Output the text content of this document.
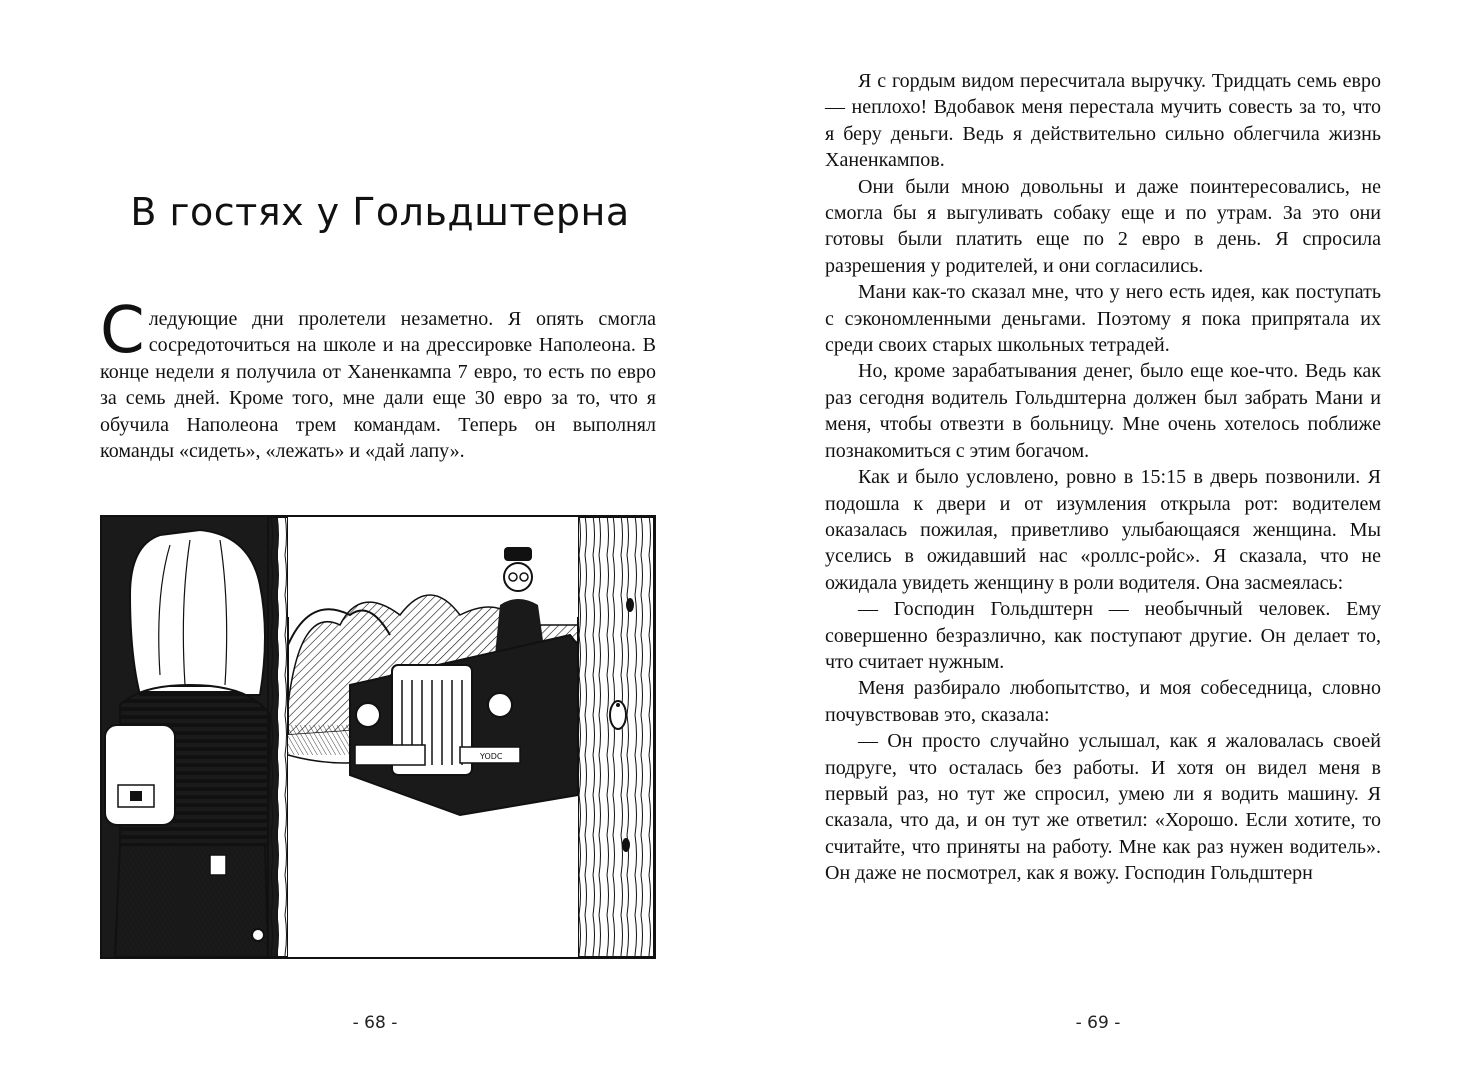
В гостях у Гольдштерна

Следующие дни пролетели незаметно. Я опять смогла сосредоточиться на школе и на дрессировке Наполеона. В конце недели я получила от Ханенкампа 7 евро, то есть по евро за семь дней. Кроме того, мне дали еще 30 евро за то, что я обучила Наполеона трем командам. Теперь он выполнял команды «сидеть», «лежать» и «дай лапу».

YODC
- 68 -

Я с гордым видом пересчитала выручку. Тридцать семь евро — неплохо! Вдобавок меня перестала мучить совесть за то, что я беру деньги. Ведь я действительно сильно облегчила жизнь Ханенкампов.

Они были мною довольны и даже поинтересовались, не смогла бы я выгуливать собаку еще и по утрам. За это они готовы были платить еще по 2 евро в день. Я спросила разрешения у родителей, и они согласились.

Мани как-то сказал мне, что у него есть идея, как поступать с сэкономленными деньгами. Поэтому я пока припрятала их среди своих старых школьных тетрадей.

Но, кроме зарабатывания денег, было еще кое-что. Ведь как раз сегодня водитель Гольдштерна должен был забрать Мани и меня, чтобы отвезти в больницу. Мне очень хотелось поближе познакомиться с этим богачом.

Как и было условлено, ровно в 15:15 в дверь позвонили. Я подошла к двери и от изумления открыла рот: водителем оказалась пожилая, приветливо улыбающаяся женщина. Мы уселись в ожидавший нас «роллс-ройс». Я сказала, что не ожидала увидеть женщину в роли водителя. Она засмеялась:

— Господин Гольдштерн — необычный человек. Ему совершенно безразлично, как поступают другие. Он делает то, что считает нужным.

Меня разбирало любопытство, и моя собеседница, словно почувствовав это, сказала:

— Он просто случайно услышал, как я жаловалась своей подруге, что осталась без работы. И хотя он видел меня в первый раз, но тут же спросил, умею ли я водить машину. Я сказала, что да, и он тут же ответил: «Хорошо. Если хотите, то считайте, что приняты на работу. Мне как раз нужен водитель». Он даже не посмотрел, как я вожу. Господин Гольдштерн

- 69 -
